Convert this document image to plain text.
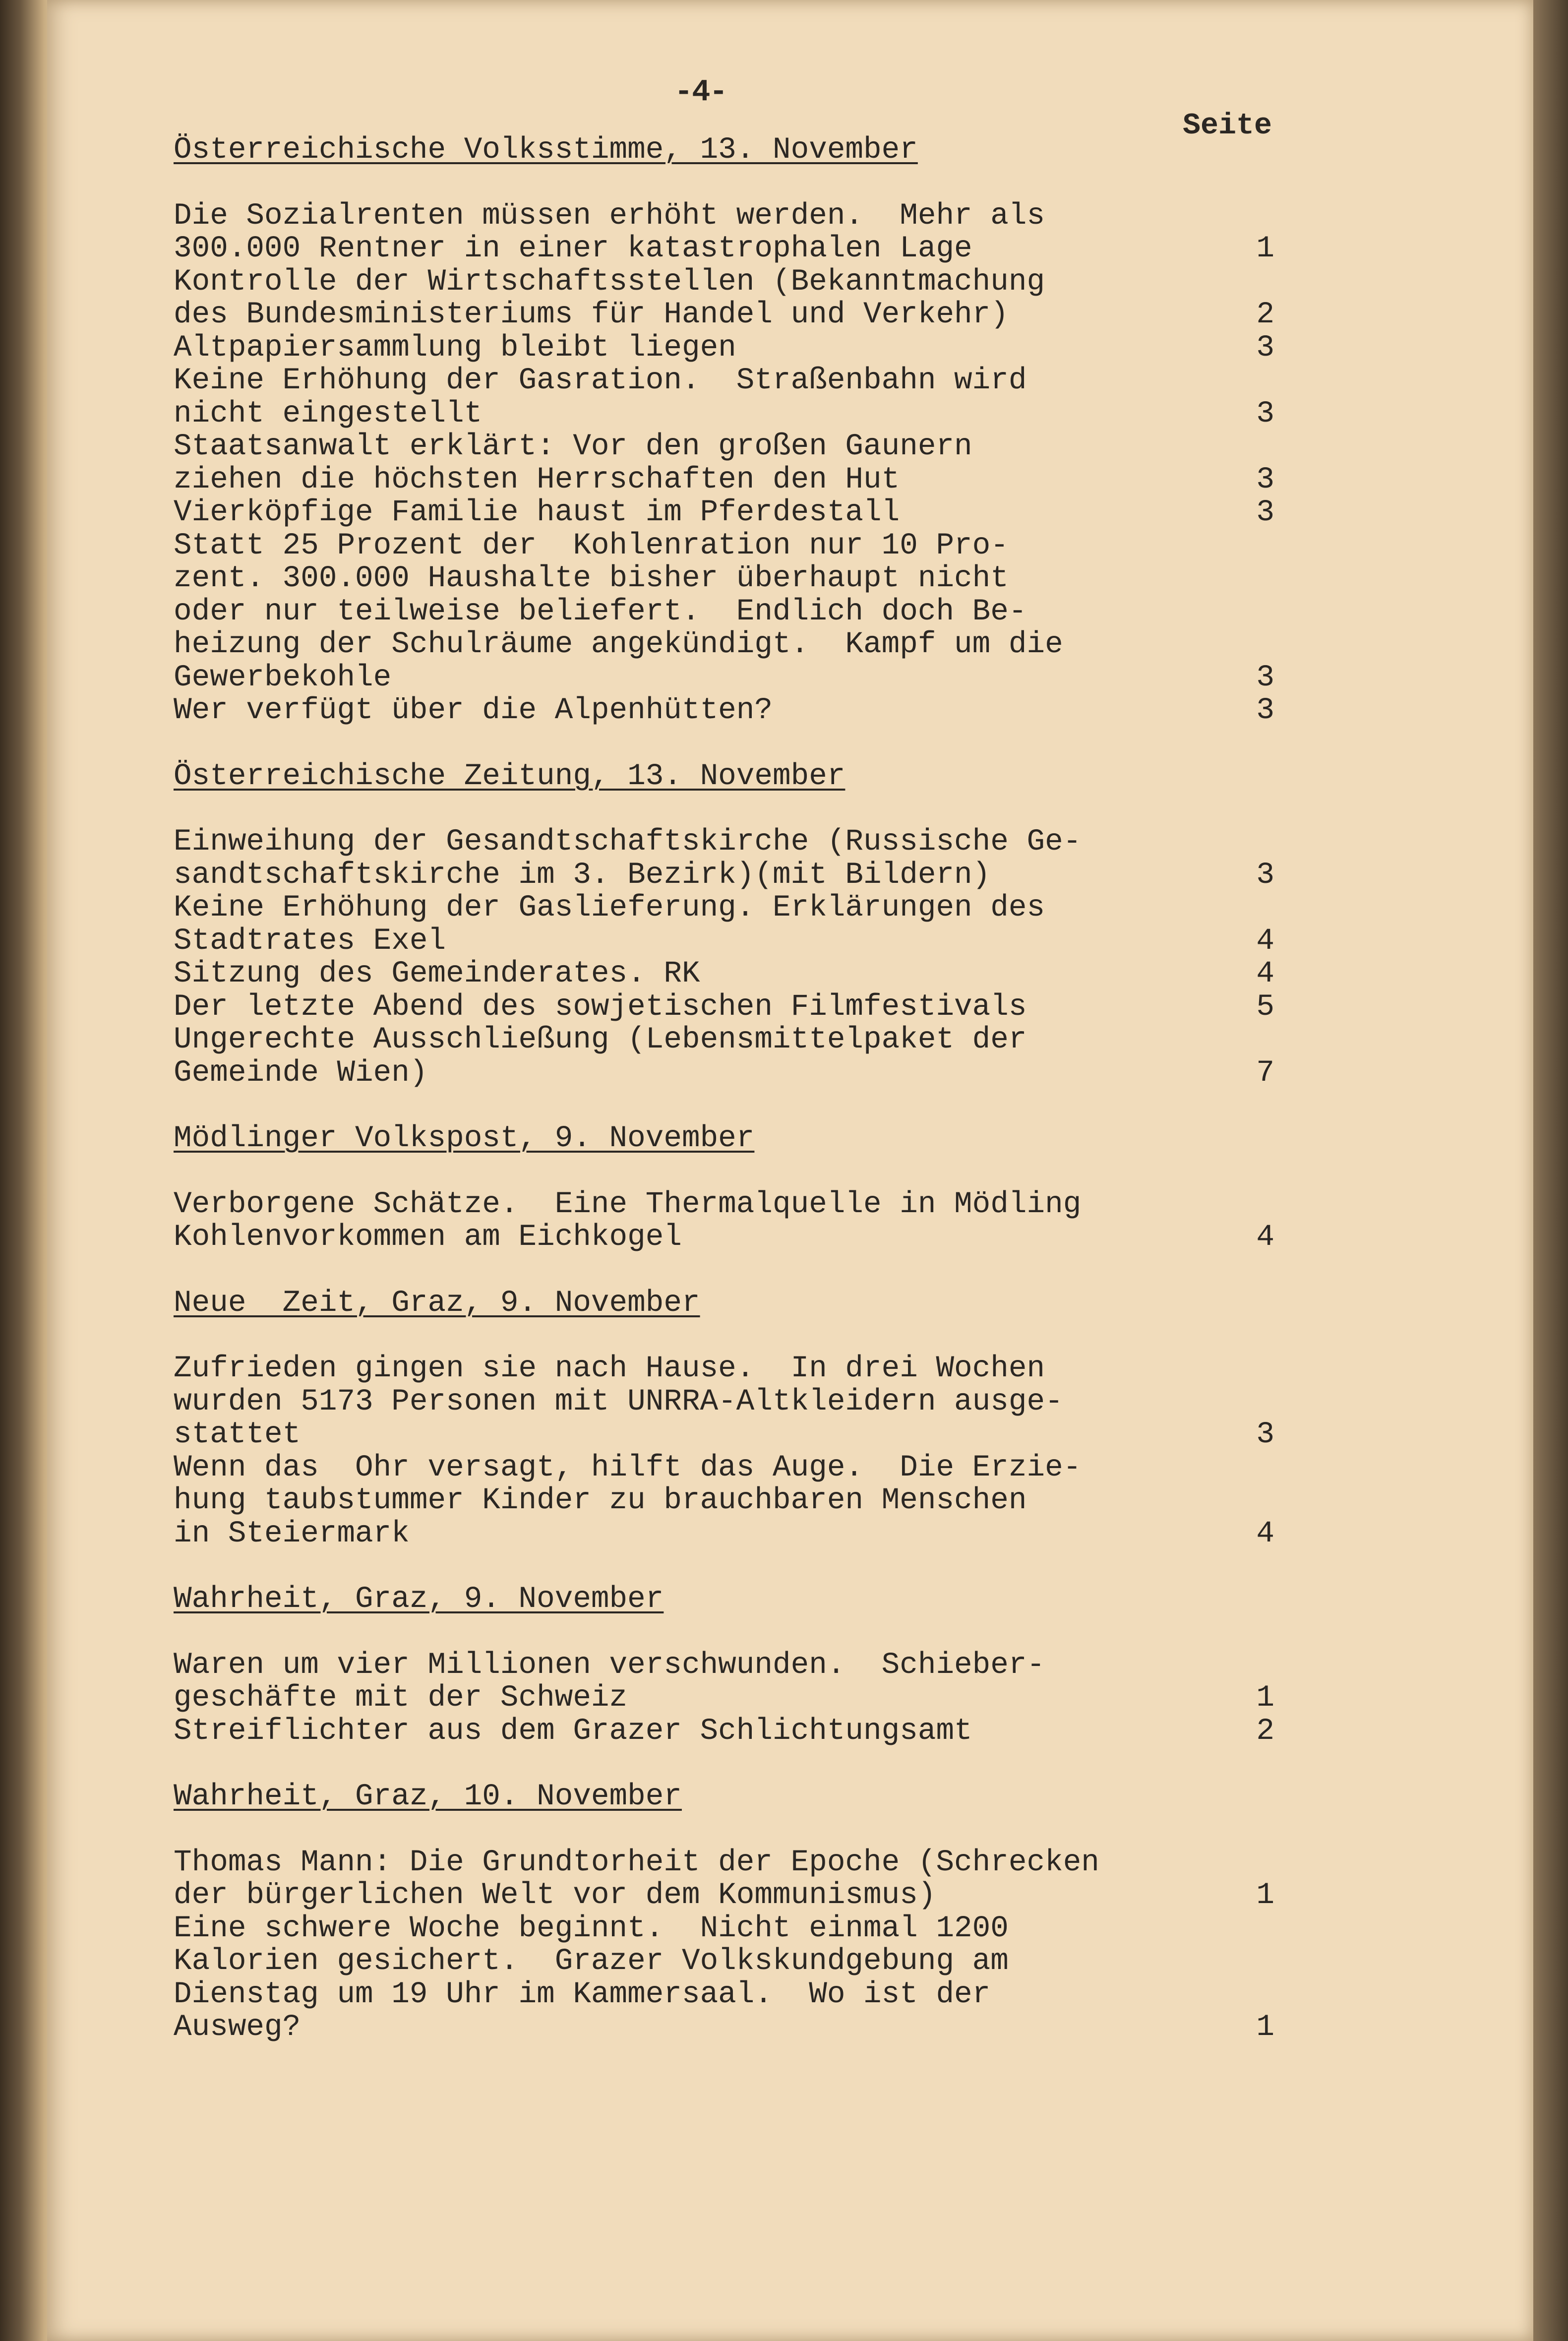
-4-
Seite
Österreichische Volksstimme, 13. November
Die Sozialrenten müssen erhöht werden.  Mehr als
300.000 Rentner in einer katastrophalen Lage	1
Kontrolle der Wirtschaftsstellen (Bekanntmachung
des Bundesministeriums für Handel und Verkehr)	2
Altpapiersammlung bleibt liegen	3
Keine Erhöhung der Gasration.  Straßenbahn wird
nicht eingestellt	3
Staatsanwalt erklärt: Vor den großen Gaunern
ziehen die höchsten Herrschaften den Hut	3
Vierköpfige Familie haust im Pferdestall	3
Statt 25 Prozent der  Kohlenration nur 10 Pro-
zent. 300.000 Haushalte bisher überhaupt nicht
oder nur teilweise beliefert.  Endlich doch Be-
heizung der Schulräume angekündigt.  Kampf um die
Gewerbekohle	3
Wer verfügt über die Alpenhütten?	3
Österreichische Zeitung, 13. November
Einweihung der Gesandtschaftskirche (Russische Ge-
sandtschaftskirche im 3. Bezirk)(mit Bildern)	3
Keine Erhöhung der Gaslieferung. Erklärungen des
Stadtrates Exel	4
Sitzung des Gemeinderates. RK	4
Der letzte Abend des sowjetischen Filmfestivals	5
Ungerechte Ausschließung (Lebensmittelpaket der
Gemeinde Wien)	7
Mödlinger Volkspost, 9. November
Verborgene Schätze.  Eine Thermalquelle in Mödling
Kohlenvorkommen am Eichkogel	4
Neue  Zeit, Graz, 9. November
Zufrieden gingen sie nach Hause.  In drei Wochen
wurden 5173 Personen mit UNRRA-Altkleidern ausge-
stattet	3
Wenn das  Ohr versagt, hilft das Auge.  Die Erzie-
hung taubstummer Kinder zu brauchbaren Menschen
in Steiermark	4
Wahrheit, Graz, 9. November
Waren um vier Millionen verschwunden.  Schieber-
geschäfte mit der Schweiz	1
Streiflichter aus dem Grazer Schlichtungsamt	2
Wahrheit, Graz, 10. November
Thomas Mann: Die Grundtorheit der Epoche (Schrecken
der bürgerlichen Welt vor dem Kommunismus)	1
Eine schwere Woche beginnt.  Nicht einmal 1200
Kalorien gesichert.  Grazer Volkskundgebung am
Dienstag um 19 Uhr im Kammersaal.  Wo ist der
Ausweg?	1
